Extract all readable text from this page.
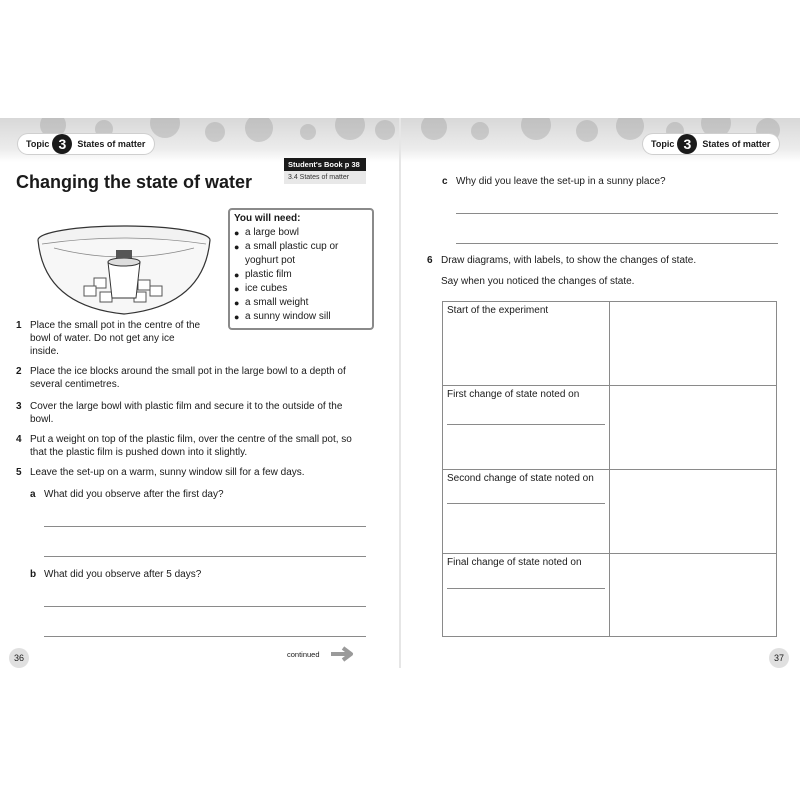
Topic 3	States of matter
Changing the state of water
Student's Book p 38
3.4 States of matter
You will need:
● a large bowl
● a small plastic cup or yoghurt pot
● plastic film
● ice cubes
● a small weight
● a sunny window sill
1 Place the small pot in the centre of the bowl of water. Do not get any ice inside.
2 Place the ice blocks around the small pot in the large bowl to a depth of several centimetres.
3 Cover the large bowl with plastic film and secure it to the outside of the bowl.
4 Put a weight on top of the plastic film, over the centre of the small pot, so that the plastic film is pushed down into it slightly.
5 Leave the set-up on a warm, sunny window sill for a few days.
a What did you observe after the first day?
b What did you observe after 5 days?
36	continued
Topic 3	States of matter
c Why did you leave the set-up in a sunny place?
6 Draw diagrams, with labels, to show the changes of state.
Say when you noticed the changes of state.
Start of the experiment
First change of state noted on
Second change of state noted on
Final change of state noted on
37
